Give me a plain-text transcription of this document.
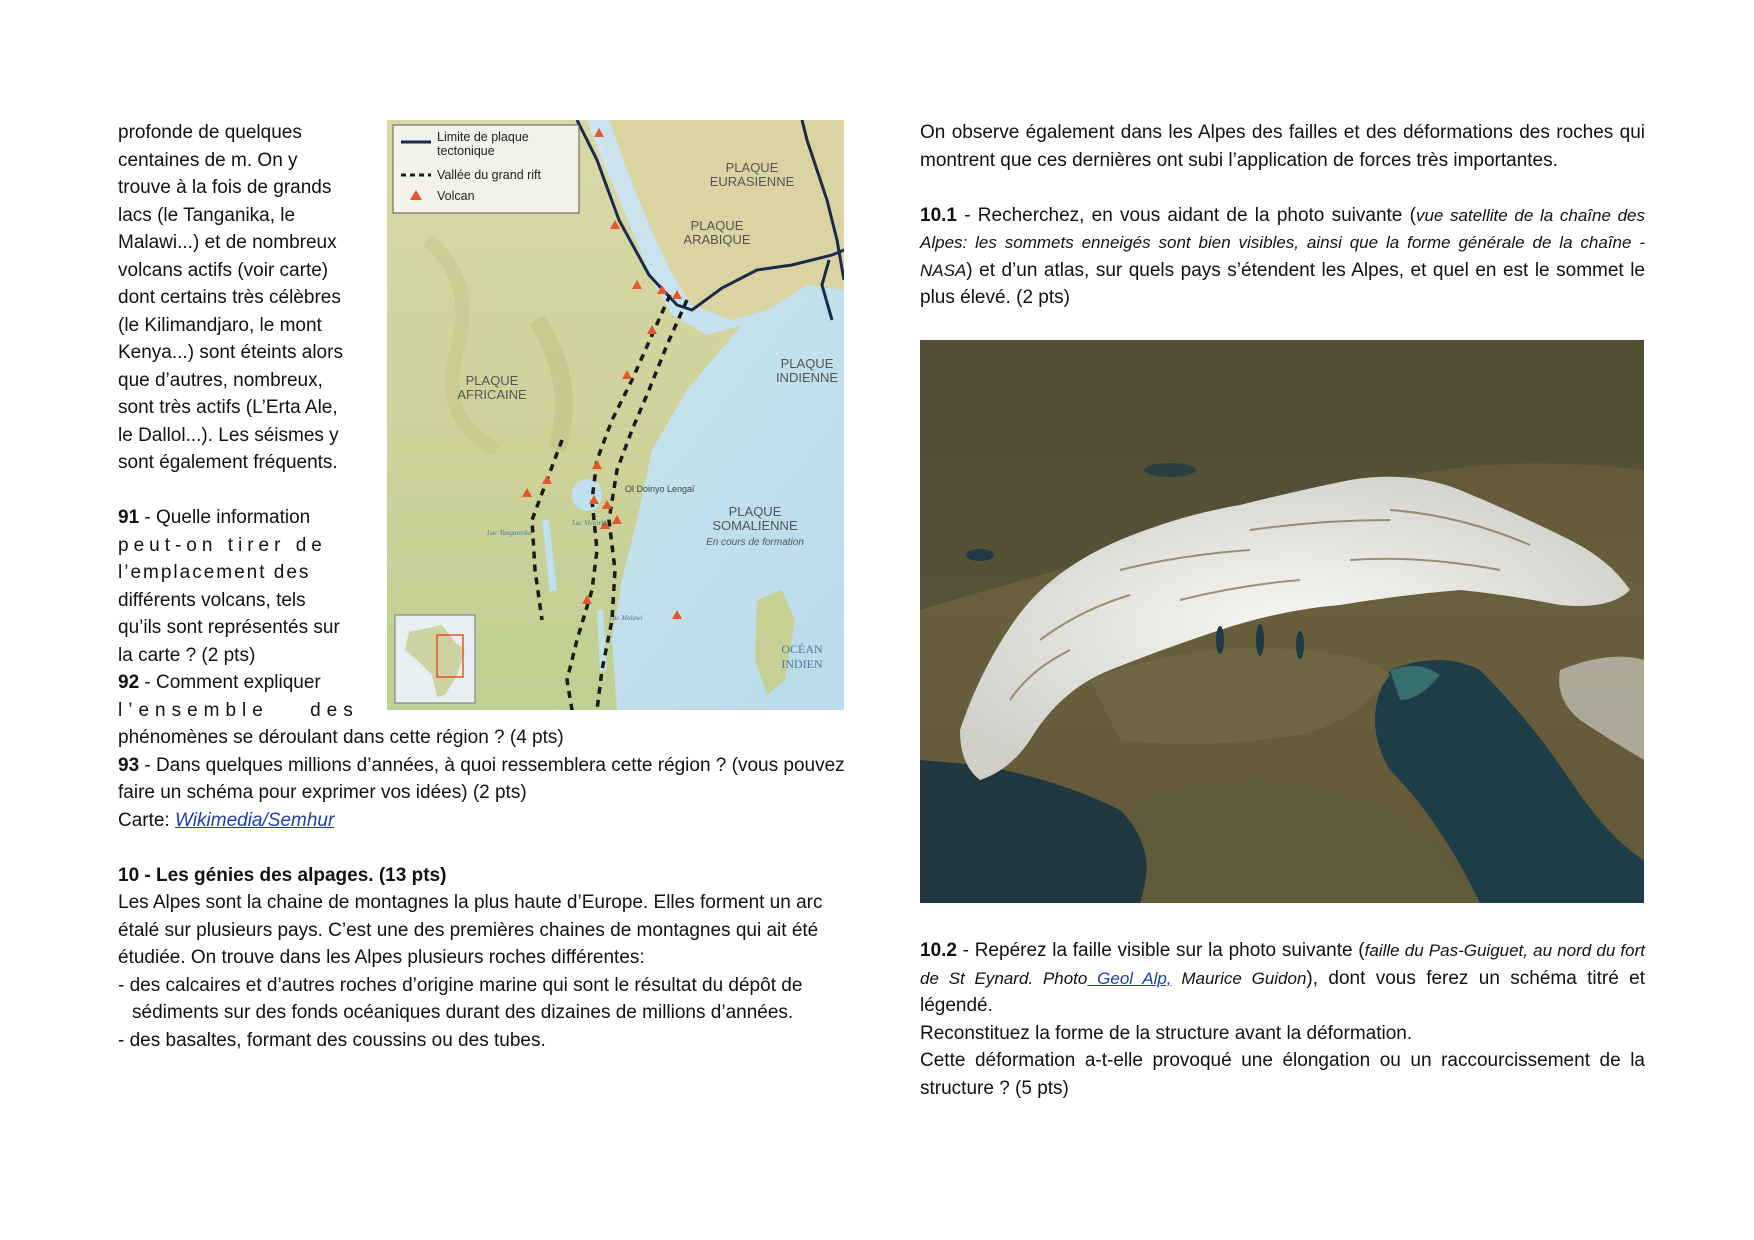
profonde de quelques

centaines de m. On y

trouve à la fois de grands

lacs (le Tanganika, le

Malawi...) et de nombreux

volcans actifs (voir carte)

dont certains très célèbres

(le Kilimandjaro, le mont

Kenya...) sont éteints alors

que d’autres, nombreux,

sont très actifs (L’Erta Ale,

le Dallol...). Les séismes y

sont également fréquents.

91 - Quelle information

peut-on tirer de

l’emplacement des

différents volcans, tels

qu’ils sont représentés sur

la carte ? (2 pts)

92 - Comment expliquer

l’ensemble des

phénomènes se déroulant dans cette région ? (4 pts)

93 - Dans quelques millions d’années, à quoi ressemblera cette région ? (vous pouvez faire un schéma pour exprimer vos idées) (2 pts)

Carte: Wikimedia/Semhur

10 - Les génies des alpages. (13 pts)

Les Alpes sont la chaine de montagnes la plus haute d’Europe. Elles forment un arc étalé sur plusieurs pays. C’est une des premières chaines de montagnes qui ait été étudiée. On trouve dans les Alpes plusieurs roches différentes:

- des calcaires et d’autres roches d’origine marine qui sont le résultat du dépôt de sédiments sur des fonds océaniques durant des dizaines de millions d’années.

- des basaltes, formant des coussins ou des tubes.

Limite de plaque
tectonique
Vallée du grand rift
Volcan
PLAQUE
EURASIENNE
PLAQUE
ARABIQUE
PLAQUE
AFRICAINE
PLAQUE
INDIENNE
PLAQUE
SOMALIENNE
En cours de formation
Ol Doinyo Lengaï
OCÉAN
INDIEN
Lac Tanganyika
Lac Victoria
Lac Malawi

On observe également dans les Alpes des failles et des déformations des roches qui montrent que ces dernières ont subi l’application de forces très importantes.

10.1 - Recherchez, en vous aidant de la photo suivante (vue satellite de la chaîne des Alpes: les sommets enneigés sont bien visibles, ainsi que la forme générale de la chaîne - NASA) et d’un atlas, sur quels pays s’étendent les Alpes, et quel en est le sommet le plus élevé. (2 pts)

10.2 - Repérez la faille visible sur la photo suivante (faille du Pas-Guiguet, au nord du fort de St Eynard. Photo Geol Alp, Maurice Guidon), dont vous ferez un schéma titré et légendé.

Reconstituez la forme de la structure avant la déformation.

Cette déformation a-t-elle provoqué une élongation ou un raccourcissement de la structure ? (5 pts)
